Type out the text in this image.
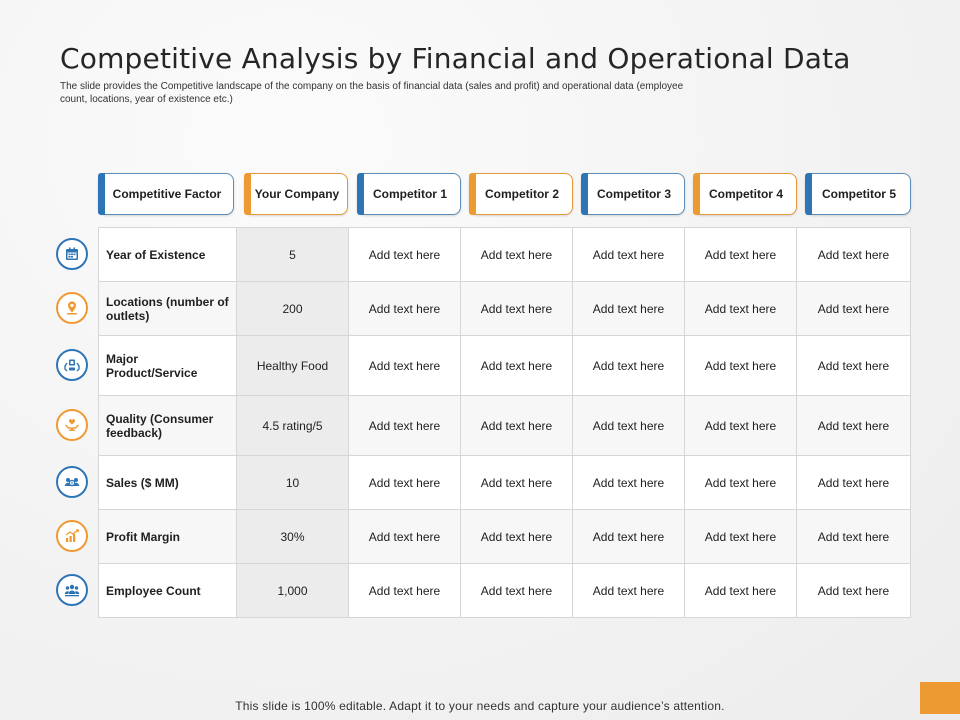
Competitive Analysis by Financial and Operational Data
The slide provides the Competitive landscape of the company on the basis of financial data (sales and profit) and operational data (employee count, locations, year of existence etc.)
Competitive Factor	Your Company	Competitor 1	Competitor 2	Competitor 3	Competitor 4	Competitor 5
Year of Existence	5	Add text here	Add text here	Add text here	Add text here	Add text here
Locations (number of outlets)	200	Add text here	Add text here	Add text here	Add text here	Add text here
Major Product/Service	Healthy Food	Add text here	Add text here	Add text here	Add text here	Add text here
Quality (Consumer feedback)	4.5 rating/5	Add text here	Add text here	Add text here	Add text here	Add text here
Sales ($ MM)	10	Add text here	Add text here	Add text here	Add text here	Add text here
Profit Margin	30%	Add text here	Add text here	Add text here	Add text here	Add text here
Employee Count	1,000	Add text here	Add text here	Add text here	Add text here	Add text here
This slide is 100% editable. Adapt it to your needs and capture your audience’s attention.
